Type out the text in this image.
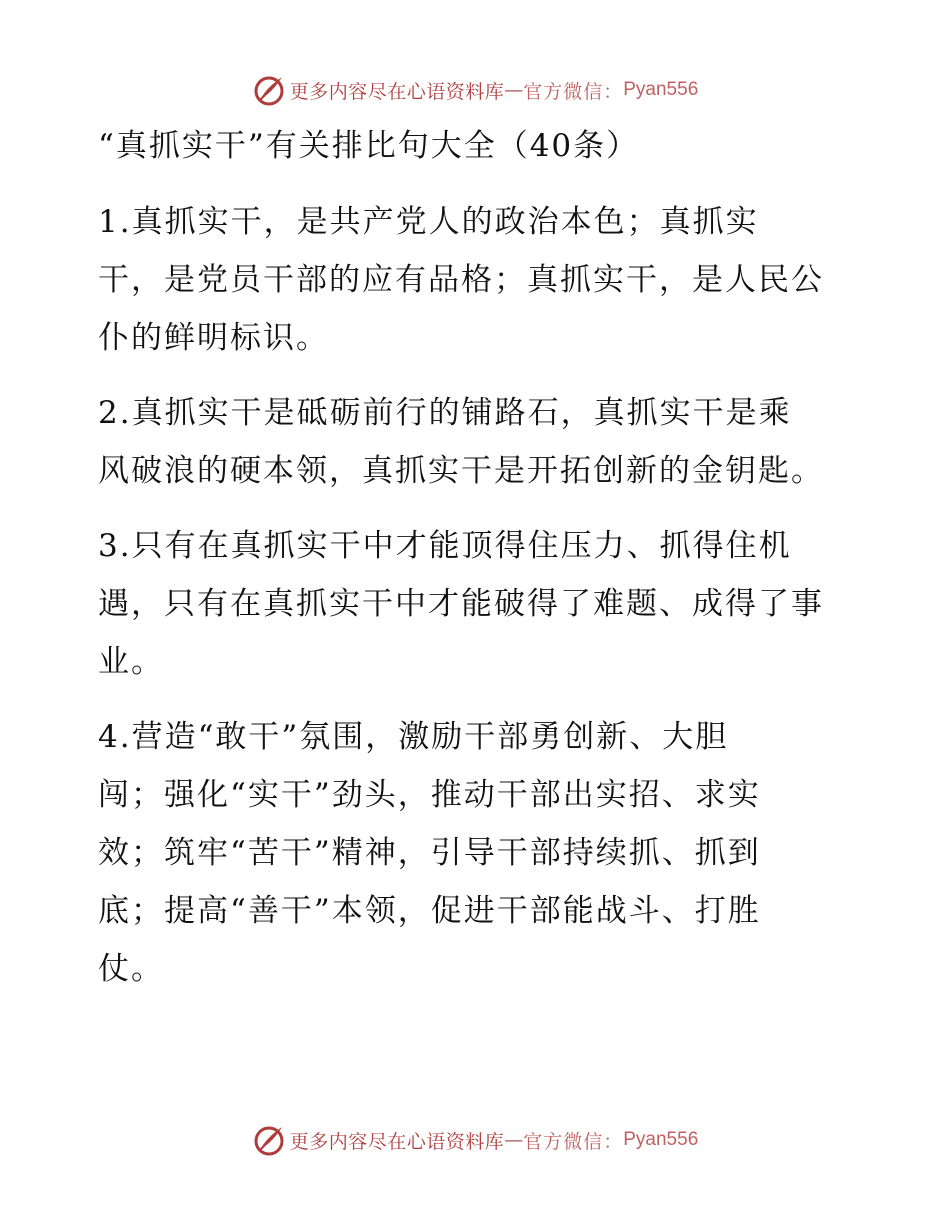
更多内容尽在心语资料库 — 官方微信： Pyan556
“真抓实干”有关排比句大全（40条）
1.真抓实干，是共产党人的政治本色；真抓实
干，是党员干部的应有品格；真抓实干，是人民公
仆的鲜明标识。
2.真抓实干是砥砺前行的铺路石，真抓实干是乘
风破浪的硬本领，真抓实干是开拓创新的金钥匙。
3.只有在真抓实干中才能顶得住压力、抓得住机
遇，只有在真抓实干中才能破得了难题、成得了事
业。
4.营造“敢干”氛围，激励干部勇创新、大胆
闯；强化“实干”劲头，推动干部出实招、求实
效；筑牢“苦干”精神，引导干部持续抓、抓到
底；提高“善干”本领，促进干部能战斗、打胜
仗。
更多内容尽在心语资料库 — 官方微信： Pyan556
